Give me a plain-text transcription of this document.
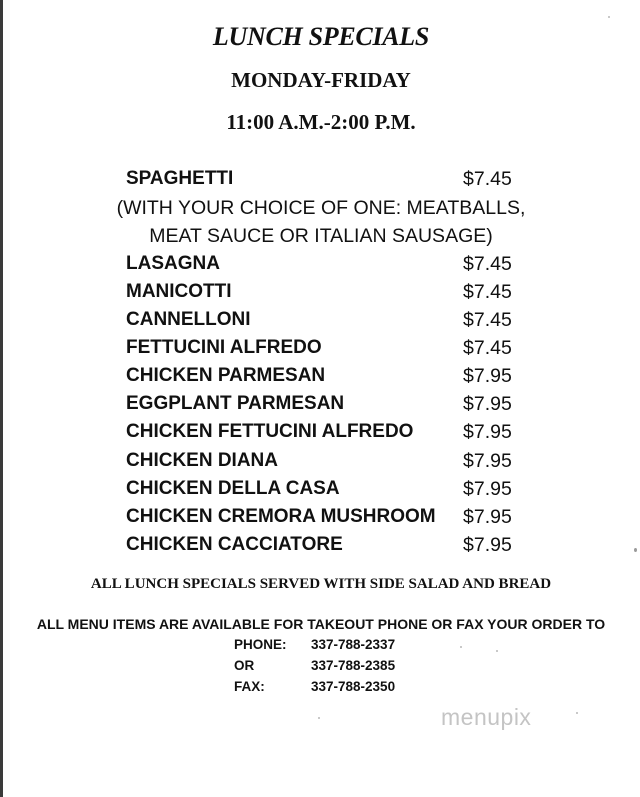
LUNCH SPECIALS
MONDAY-FRIDAY
11:00 A.M.-2:00 P.M.
SPAGHETTI	$7.45
(WITH YOUR CHOICE OF ONE: MEATBALLS,
MEAT SAUCE OR ITALIAN SAUSAGE)
LASAGNA	$7.45
MANICOTTI	$7.45
CANNELLONI	$7.45
FETTUCINI ALFREDO	$7.45
CHICKEN PARMESAN	$7.95
EGGPLANT PARMESAN	$7.95
CHICKEN FETTUCINI ALFREDO	$7.95
CHICKEN DIANA	$7.95
CHICKEN DELLA CASA	$7.95
CHICKEN CREMORA MUSHROOM $7.95
CHICKEN CACCIATORE	$7.95
ALL LUNCH SPECIALS SERVED WITH SIDE SALAD AND BREAD
ALL MENU ITEMS ARE AVAILABLE FOR TAKEOUT PHONE OR FAX YOUR ORDER TO
PHONE: 337-788-2337
OR	337-788-2385
FAX:	337-788-2350
menupix
